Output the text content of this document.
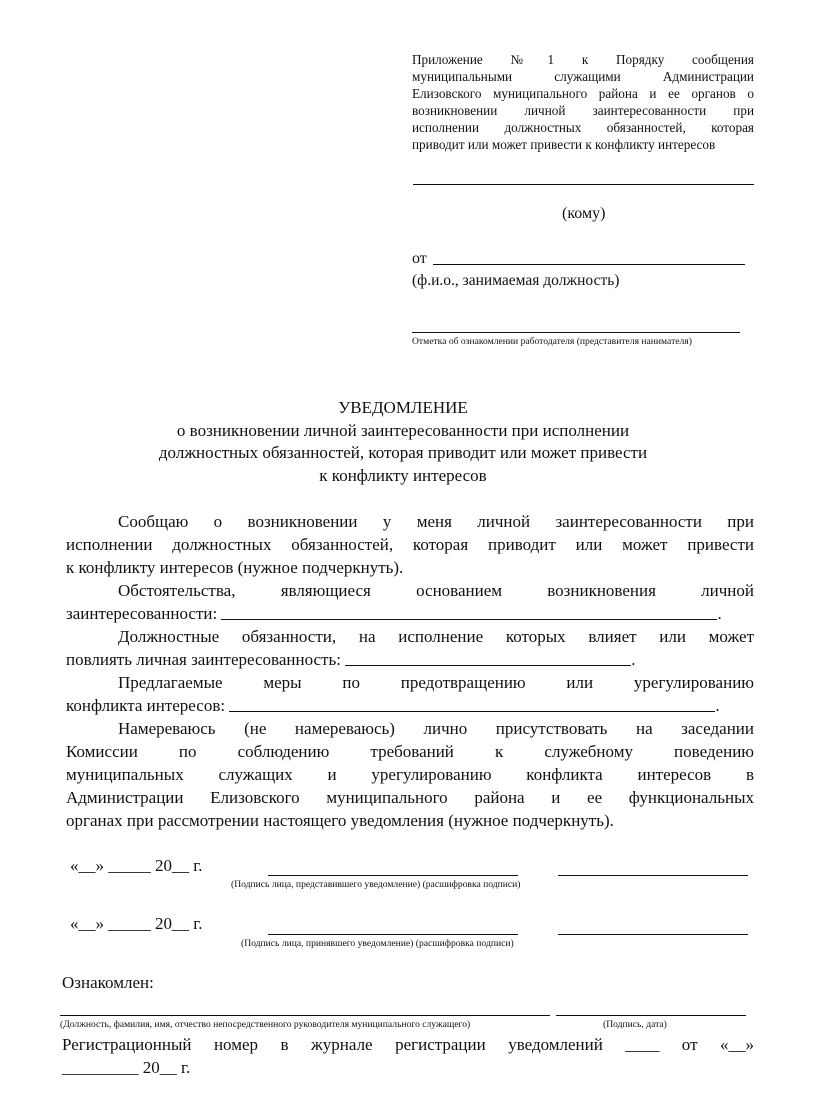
Приложение №1 к Порядку сообщения
муниципальными служащими Администрации
Елизовского муниципального района и ее органов о
возникновении личной заинтересованности при
исполнении должностных обязанностей, которая
приводит или может привести к конфликту интересов
(кому)
от
(ф.и.о., занимаемая должность)
Отметка об ознакомлении работодателя (представителя нанимателя)
УВЕДОМЛЕНИЕ
о возникновении личной заинтересованности при исполнении
должностных обязанностей, которая приводит или может привести
к конфликту интересов
Сообщаю о возникновении у меня личной заинтересованности при
исполнении должностных обязанностей, которая приводит или может привести
к конфликту интересов (нужное подчеркнуть).
Обстоятельства, являющиеся основанием возникновения личной
заинтересованности:	.
Должностные обязанности, на исполнение которых влияет или может
повлиять личная заинтересованность:	.
Предлагаемые меры по предотвращению или урегулированию
конфликта интересов:	.
Намереваюсь (не намереваюсь) лично присутствовать на заседании
Комиссии по соблюдению требований к служебному поведению
муниципальных служащих и урегулированию конфликта интересов в
Администрации Елизовского муниципального района и ее функциональных
органах при рассмотрении настоящего уведомления (нужное подчеркнуть).
«__» _____ 20__ г.
(Подпись лица, представившего уведомление) (расшифровка подписи)
«__» _____ 20__ г.
(Подпись лица, принявшего уведомление) (расшифровка подписи)
Ознакомлен:
(Должность, фамилия, имя, отчество непосредственного руководителя муниципального служащего)	(Подпись, дата)
Регистрационный номер в журнале регистрации уведомлений ____ от «__»
_________ 20__ г.
